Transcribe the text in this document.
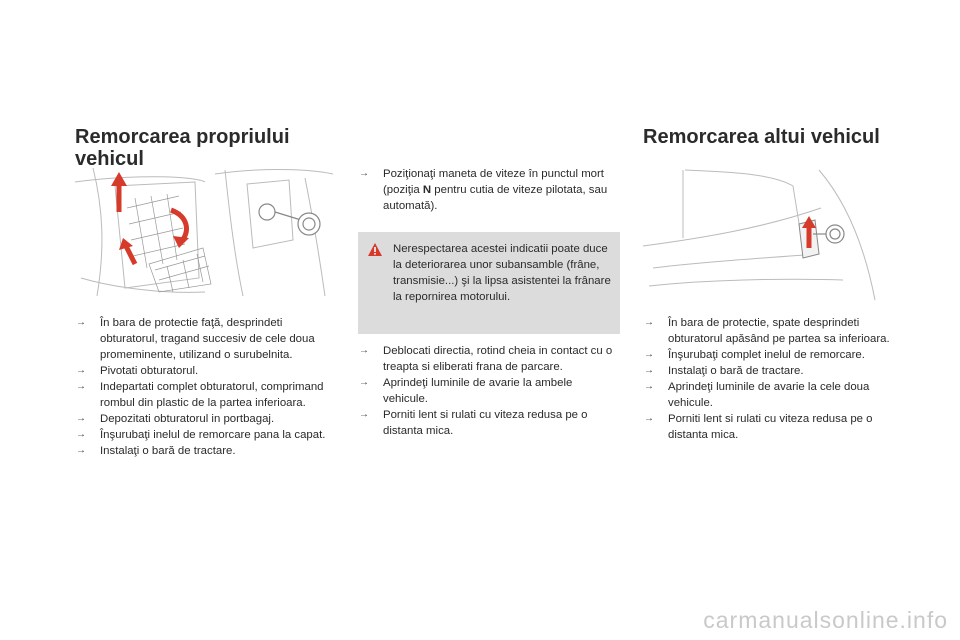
Remorcarea propriului vehicul
→ În bara de protectie faţă, desprindeti obturatorul, tragand succesiv de cele doua promeminente, utilizand o surubelnita.
→ Pivotati obturatorul.
→ Indepartati complet obturatorul, comprimand rombul din plastic de la partea inferioara.
→ Depozitati obturatorul in portbagaj.
→ Înşurubaţi inelul de remorcare pana la capat.
→ Instalaţi o bară de tractare.
→ Poziţionaţi maneta de viteze în punctul mort (poziţia N pentru cutia de viteze pilotata, sau automată).

Nerespectarea acestei indicatii poate duce la deteriorarea unor subansamble (frâne, transmisie...) şi la lipsa asistentei la frânare la repornirea motorului.

→ Deblocati directia, rotind cheia in contact cu o treapta si eliberati frana de parcare.
→ Aprindeţi luminile de avarie la ambele vehicule.
→ Porniti lent si rulati cu viteza redusa pe o distanta mica.
Remorcarea altui vehicul
→ În bara de protectie, spate desprindeti obturatorul apăsând pe partea sa inferioara.
→ Înşurubaţi complet inelul de remorcare.
→ Instalaţi o bară de tractare.
→ Aprindeţi luminile de avarie la cele doua vehicule.
→ Porniti lent si rulati cu viteza redusa pe o distanta mica.
carmanualsonline.info
